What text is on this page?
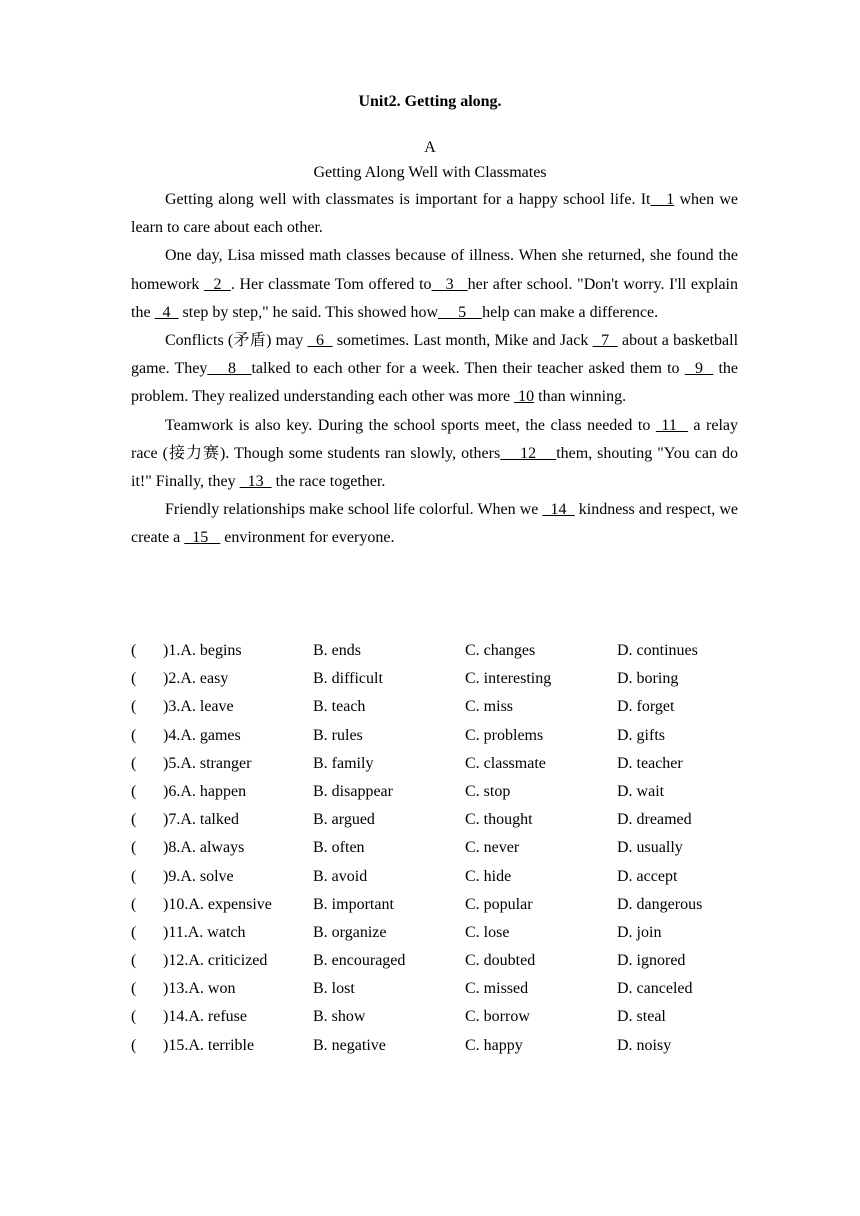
Unit2. Getting along.
A
Getting Along Well with Classmates

Getting along well with classmates is important for a happy school life. It   1 when we learn to care about each other.

One day, Lisa missed math classes because of illness. When she returned, she found the homework   2  . Her classmate Tom offered to   3   her after school. "Don't worry. I'll explain the   4   step by step," he said. This showed how     5    help can make a difference.

Conflicts (矛盾) may   6   sometimes. Last month, Mike and Jack   7   about a basketball game. They    8   talked to each other for a week. Then their teacher asked them to   9   the problem. They realized understanding each other was more  10 than winning.

Teamwork is also key. During the school sports meet, the class needed to  11   a relay race (接力赛). Though some students ran slowly, others    12    them, shouting "You can do it!" Finally, they   13   the race together.

Friendly relationships make school life colorful. When we   14   kindness and respect, we create a   15    environment for everyone.

( )1.A. begins	B. ends	C. changes	D. continues
( )2.A. easy	B. difficult	C. interesting	D. boring
( )3.A. leave	B. teach	C. miss	D. forget
( )4.A. games	B. rules	C. problems	D. gifts
( )5.A. stranger	B. family	C. classmate	D. teacher
( )6.A. happen	B. disappear	C. stop	D. wait
( )7.A. talked	B. argued	C. thought	D. dreamed
( )8.A. always	B. often	C. never	D. usually
( )9.A. solve	B. avoid	C. hide	D. accept
( )10.A. expensive	B. important	C. popular	D. dangerous
( )11.A. watch	B. organize	C. lose	D. join
( )12.A. criticized	B. encouraged	C. doubted	D. ignored
( )13.A. won	B. lost	C. missed	D. canceled
( )14.A. refuse	B. show	C. borrow	D. steal
( )15.A. terrible	B. negative	C. happy	D. noisy
